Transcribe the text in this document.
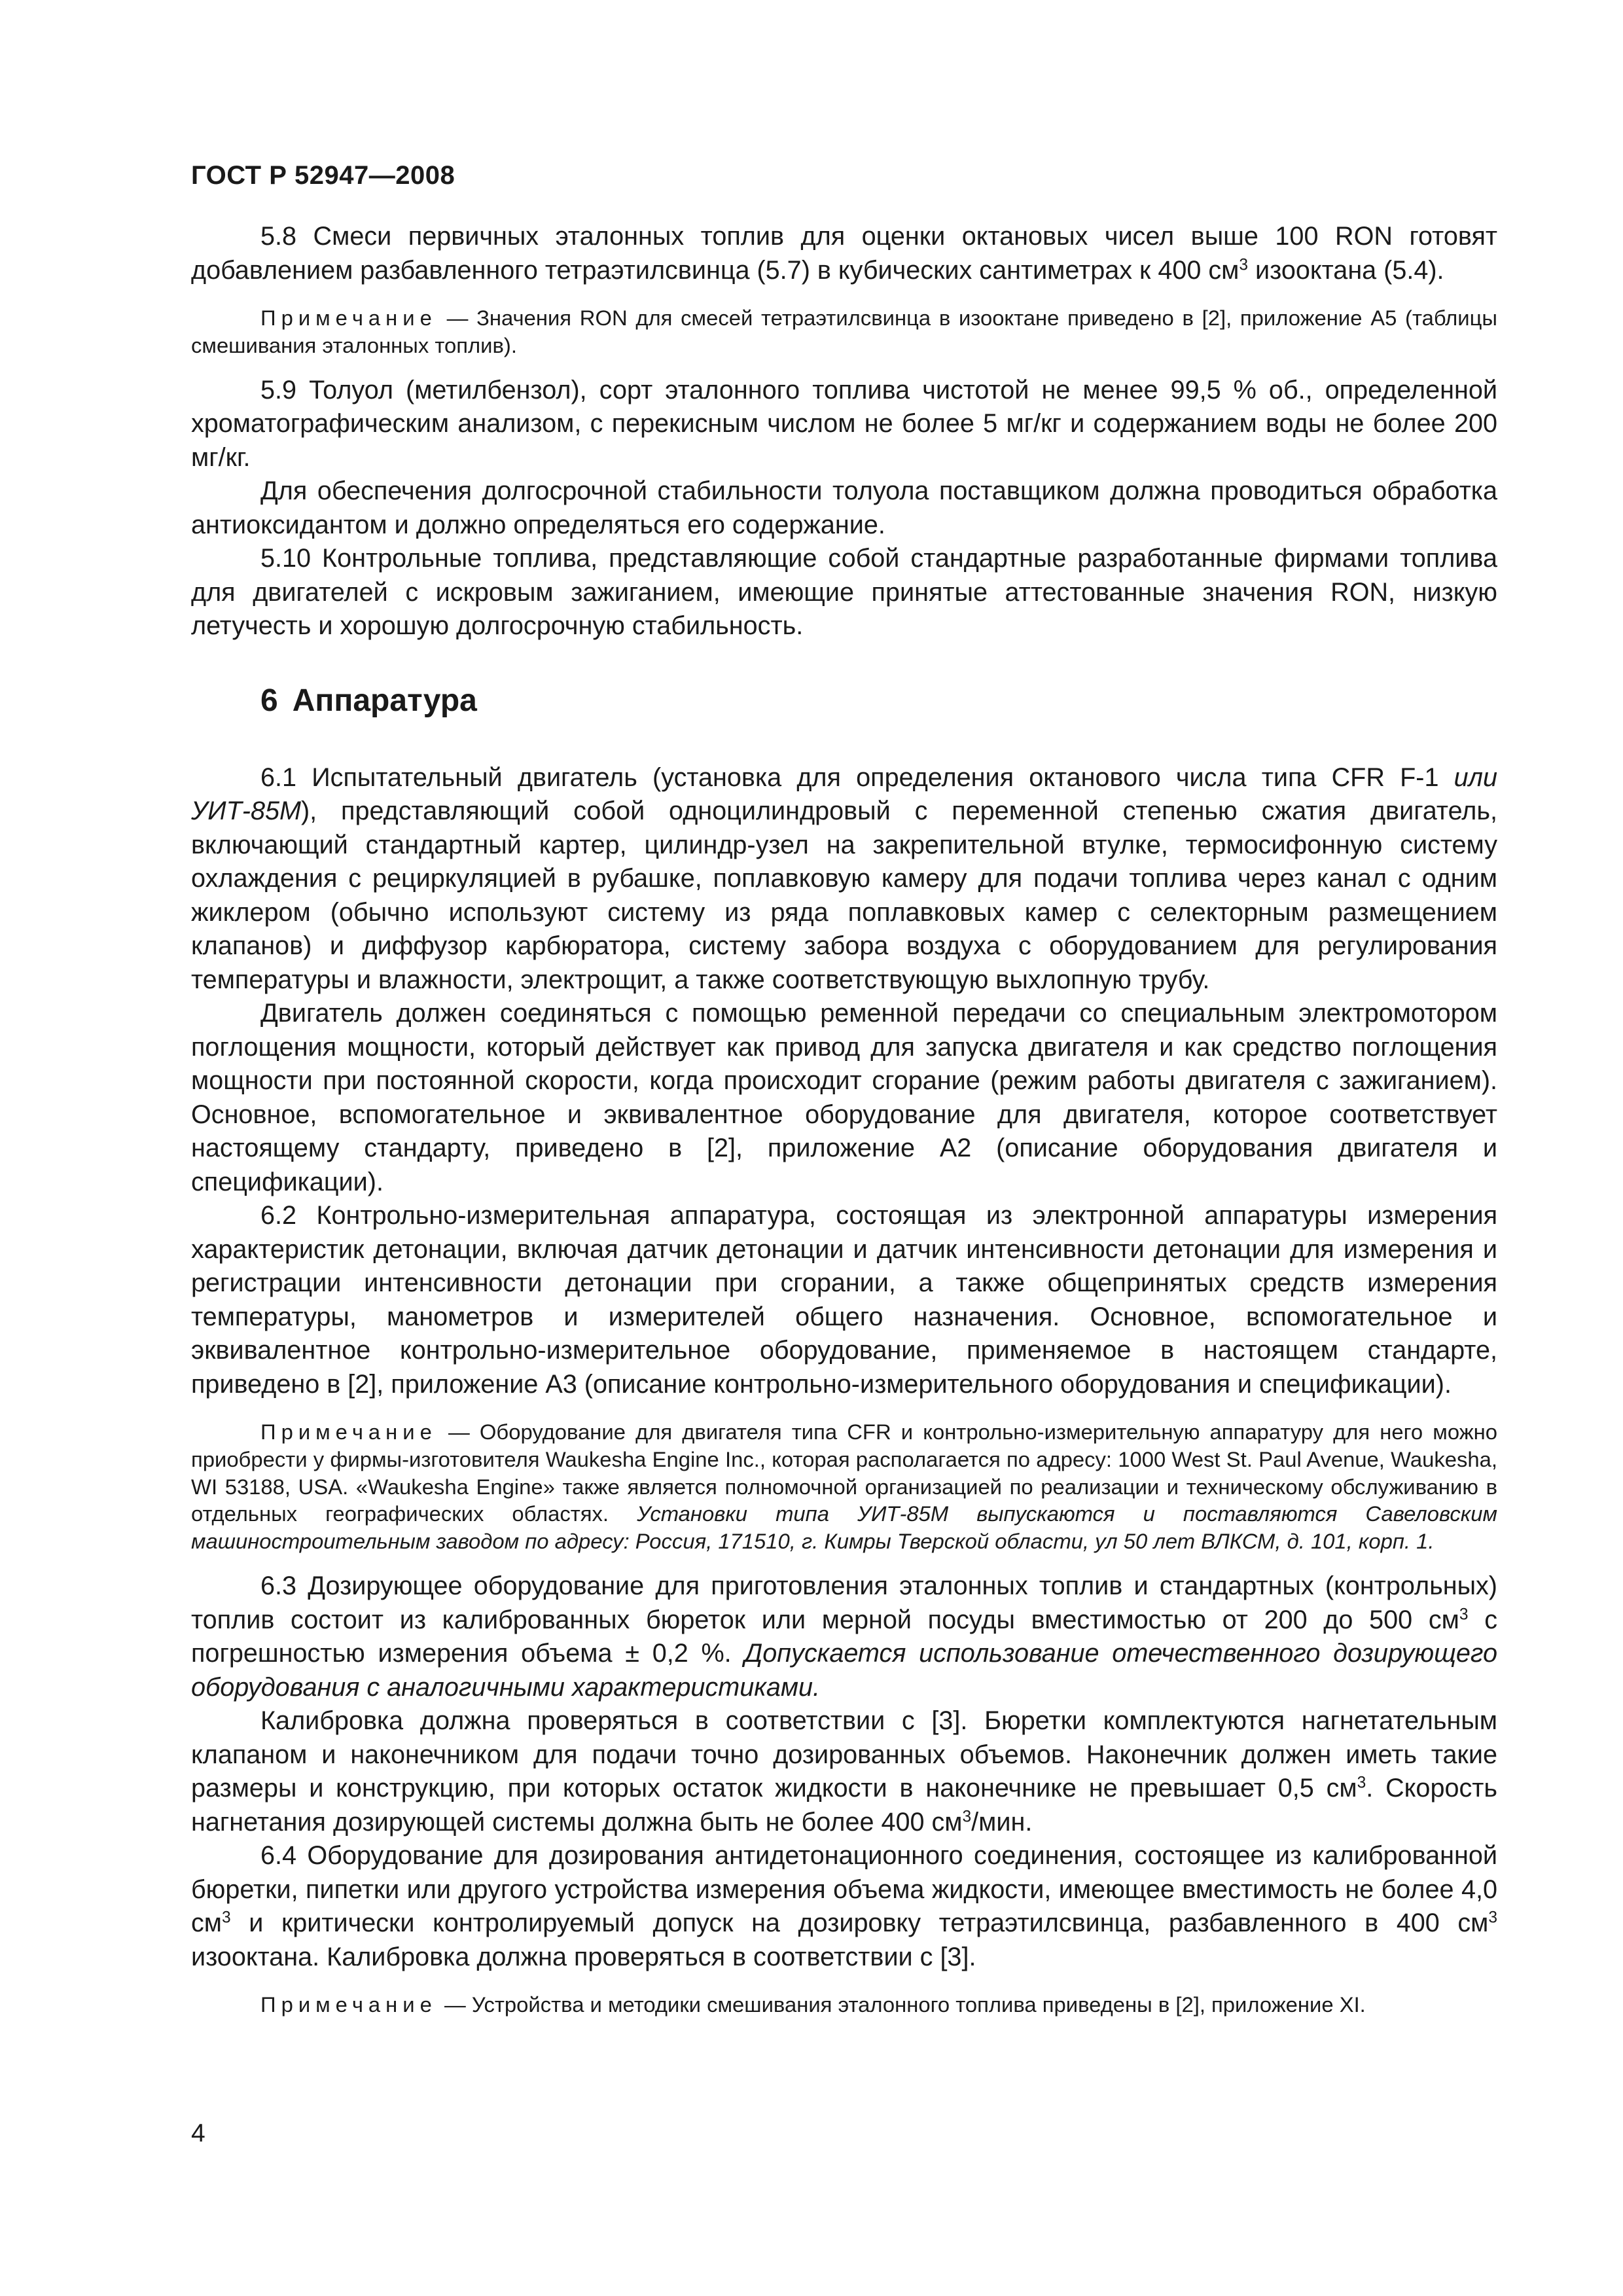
ГОСТ Р 52947—2008

5.8 Смеси первичных эталонных топлив для оценки октановых чисел выше 100 RON готовят добавлением разбавленного тетраэтилсвинца (5.7) в кубических сантиметрах к 400 $см^3$ изооктана (5.4).

Примечание — Значения RON для смесей тетраэтилсвинца в изооктане приведено в [2], приложение А5 (таблицы смешивания эталонных топлив).

5.9 Толуол (метилбензол), сорт эталонного топлива чистотой не менее 99,5 % об., определенной хроматографическим анализом, с перекисным числом не более 5 мг/кг и содержанием воды не более 200 мг/кг.

Для обеспечения долгосрочной стабильности толуола поставщиком должна проводиться обработка антиоксидантом и должно определяться его содержание.

5.10 Контрольные топлива, представляющие собой стандартные разработанные фирмами топлива для двигателей с искровым зажиганием, имеющие принятые аттестованные значения RON, низкую летучесть и хорошую долгосрочную стабильность.

6 Аппаратура

6.1 Испытательный двигатель (установка для определения октанового числа типа CFR F-1 или УИТ-85М), представляющий собой одноцилиндровый с переменной степенью сжатия двигатель, включающий стандартный картер, цилиндр-узел на закрепительной втулке, термосифонную систему охлаждения с рециркуляцией в рубашке, поплавковую камеру для подачи топлива через канал с одним жиклером (обычно используют систему из ряда поплавковых камер с селекторным размещением клапанов) и диффузор карбюратора, систему забора воздуха с оборудованием для регулирования температуры и влажности, электрощит, а также соответствующую выхлопную трубу.

Двигатель должен соединяться с помощью ременной передачи со специальным электромотором поглощения мощности, который действует как привод для запуска двигателя и как средство поглощения мощности при постоянной скорости, когда происходит сгорание (режим работы двигателя с зажиганием). Основное, вспомогательное и эквивалентное оборудование для двигателя, которое соответствует настоящему стандарту, приведено в [2], приложение А2 (описание оборудования двигателя и спецификации).

6.2 Контрольно-измерительная аппаратура, состоящая из электронной аппаратуры измерения характеристик детонации, включая датчик детонации и датчик интенсивности детонации для измерения и регистрации интенсивности детонации при сгорании, а также общепринятых средств измерения температуры, манометров и измерителей общего назначения. Основное, вспомогательное и эквивалентное контрольно-измерительное оборудование, применяемое в настоящем стандарте, приведено в [2], приложение А3 (описание контрольно-измерительного оборудования и спецификации).

Примечание — Оборудование для двигателя типа CFR и контрольно-измерительную аппаратуру для него можно приобрести у фирмы-изготовителя Waukesha Engine Inc., которая располагается по адресу: 1000 West St. Paul Avenue, Waukesha, WI 53188, USA. «Waukesha Engine» также является полномочной организацией по реализации и техническому обслуживанию в отдельных географических областях. Установки типа УИТ-85М выпускаются и поставляются Савеловским машиностроительным заводом по адресу: Россия, 171510, г. Кимры Тверской области, ул 50 лет ВЛКСМ, д. 101, корп. 1.

6.3 Дозирующее оборудование для приготовления эталонных топлив и стандартных (контрольных) топлив состоит из калиброванных бюреток или мерной посуды вместимостью от 200 до 500 $см^3$ с погрешностью измерения объема ± 0,2 %. Допускается использование отечественного дозирующего оборудования с аналогичными характеристиками.

Калибровка должна проверяться в соответствии с [3]. Бюретки комплектуются нагнетательным клапаном и наконечником для подачи точно дозированных объемов. Наконечник должен иметь такие размеры и конструкцию, при которых остаток жидкости в наконечнике не превышает 0,5 $см^3$. Скорость нагнетания дозирующей системы должна быть не более 400 $см^3$/мин.

6.4 Оборудование для дозирования антидетонационного соединения, состоящее из калиброванной бюретки, пипетки или другого устройства измерения объема жидкости, имеющее вместимость не более 4,0 $см^3$ и критически контролируемый допуск на дозировку тетраэтилсвинца, разбавленного в 400 $см^3$ изооктана. Калибровка должна проверяться в соответствии с [3].

Примечание — Устройства и методики смешивания эталонного топлива приведены в [2], приложение XI.

4
